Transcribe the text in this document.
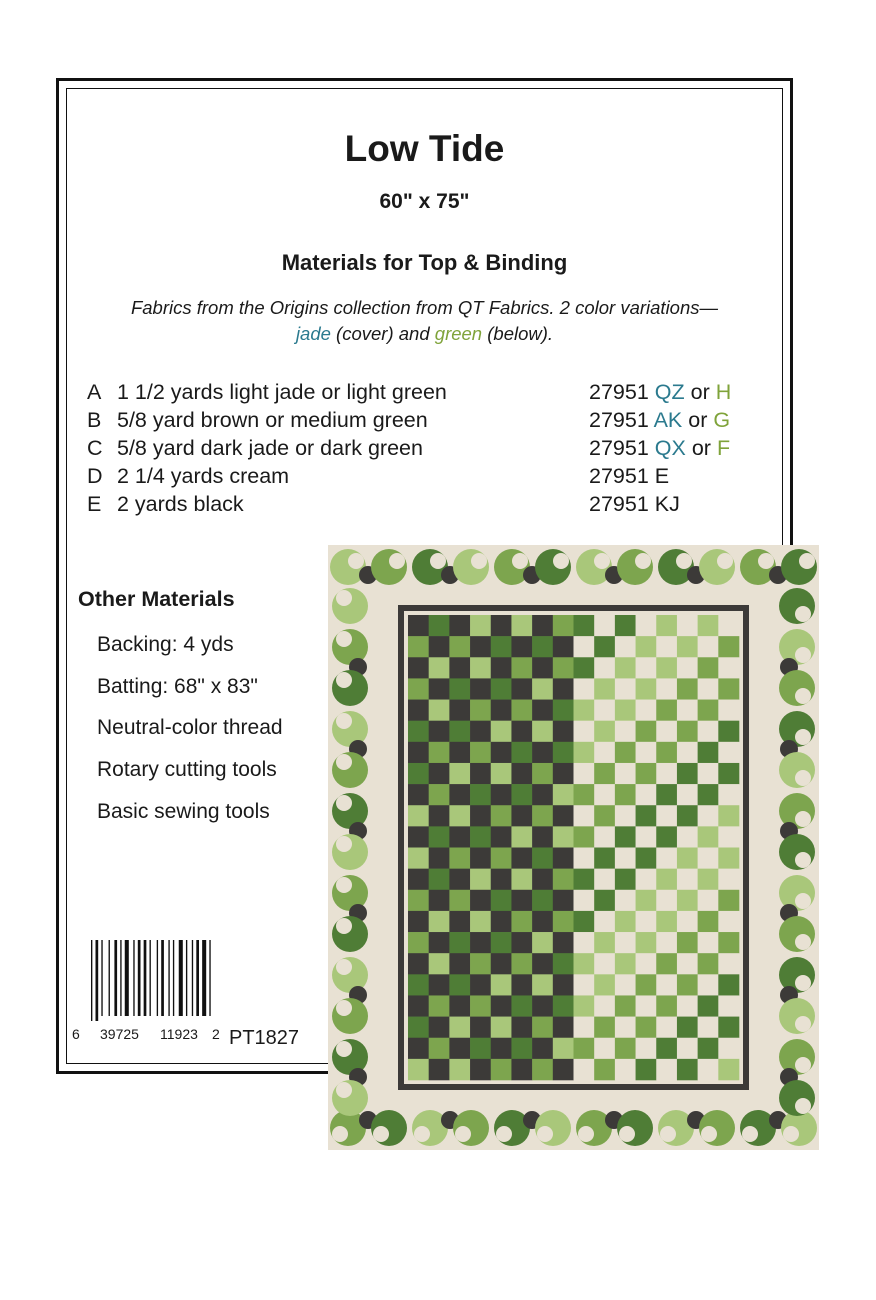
Low Tide
60" x 75"
Materials for Top & Binding
Fabrics from the Origins collection from QT Fabrics. 2 color variations—
jade (cover) and green (below).
A 1 1/2 yards light jade or light green	27951 QZ or H
B 5/8 yard brown or medium green	27951 AK or G
C 5/8 yard dark jade or dark green	27951 QX or F
D 2 1/4 yards cream	27951 E
E 2 yards black	27951 KJ
Other Materials
Backing: 4 yds
Batting: 68" x 83"
Neutral-color thread
Rotary cutting tools
Basic sewing tools
6 39725 11923 2 PT1827
